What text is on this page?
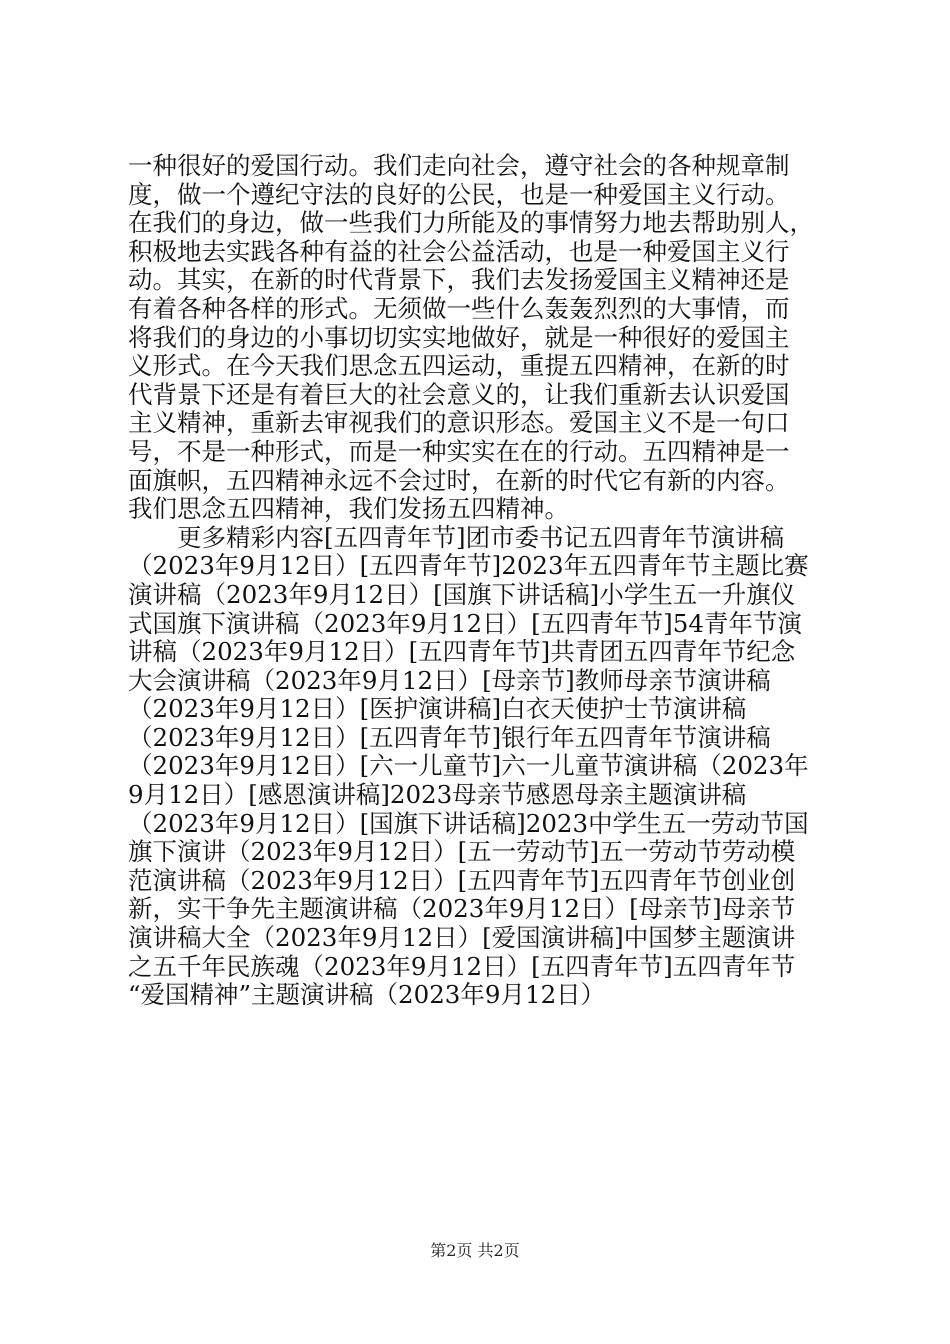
一种很好的爱国行动。我们走向社会，遵守社会的各种规章制
度，做一个遵纪守法的良好的公民，也是一种爱国主义行动。
在我们的身边，做一些我们力所能及的事情努力地去帮助别人，
积极地去实践各种有益的社会公益活动，也是一种爱国主义行
动。其实，在新的时代背景下，我们去发扬爱国主义精神还是
有着各种各样的形式。无须做一些什么轰轰烈烈的大事情，而
将我们的身边的小事切切实实地做好，就是一种很好的爱国主
义形式。在今天我们思念五四运动，重提五四精神，在新的时
代背景下还是有着巨大的社会意义的，让我们重新去认识爱国
主义精神，重新去审视我们的意识形态。爱国主义不是一句口
号，不是一种形式，而是一种实实在在的行动。五四精神是一
面旗帜，五四精神永远不会过时，在新的时代它有新的内容。
我们思念五四精神，我们发扬五四精神。
　　更多精彩内容[五四青年节]团市委书记五四青年节演讲稿
（2023年9月12日）[五四青年节]2023年五四青年节主题比赛
演讲稿（2023年9月12日）[国旗下讲话稿]小学生五一升旗仪
式国旗下演讲稿（2023年9月12日）[五四青年节]54青年节演
讲稿（2023年9月12日）[五四青年节]共青团五四青年节纪念
大会演讲稿（2023年9月12日）[母亲节]教师母亲节演讲稿
（2023年9月12日）[医护演讲稿]白衣天使护士节演讲稿
（2023年9月12日）[五四青年节]银行年五四青年节演讲稿
（2023年9月12日）[六一儿童节]六一儿童节演讲稿（2023年
9月12日）[感恩演讲稿]2023母亲节感恩母亲主题演讲稿
（2023年9月12日）[国旗下讲话稿]2023中学生五一劳动节国
旗下演讲（2023年9月12日）[五一劳动节]五一劳动节劳动模
范演讲稿（2023年9月12日）[五四青年节]五四青年节创业创
新，实干争先主题演讲稿（2023年9月12日）[母亲节]母亲节
演讲稿大全（2023年9月12日）[爱国演讲稿]中国梦主题演讲
之五千年民族魂（2023年9月12日）[五四青年节]五四青年节
“爱国精神”主题演讲稿（2023年9月12日）
第2页 共2页
